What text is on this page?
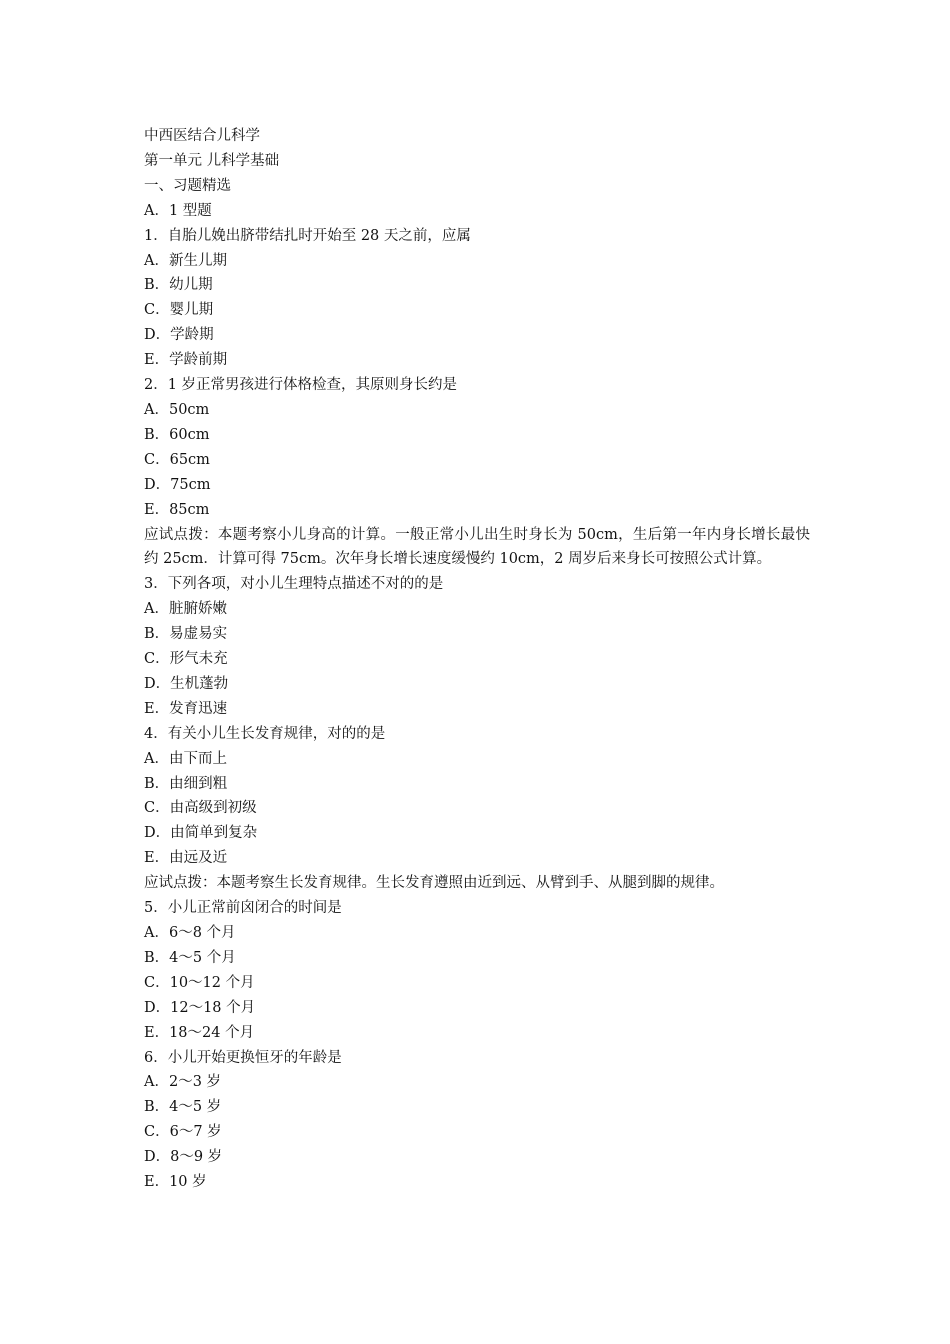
中西医结合儿科学
第一单元 儿科学基础
一、习题精选
A．1 型题
1．自胎儿娩出脐带结扎时开始至 28 天之前，应属
A．新生儿期
B．幼儿期
C．婴儿期
D．学龄期
E．学龄前期
2．1 岁正常男孩进行体格检查，其原则身长约是
A．50cm
B．60cm
C．65cm
D．75cm
E．85cm
应试点拨：本题考察小儿身高的计算。一般正常小儿出生时身长为 50cm，生后第一年内身长增长最快约 25cm．计算可得 75cm。次年身长增长速度缓慢约 10cm，2 周岁后来身长可按照公式计算。
3．下列各项，对小儿生理特点描述不对的的是
A．脏腑娇嫩
B．易虚易实
C．形气未充
D．生机蓬勃
E．发育迅速
4．有关小儿生长发育规律，对的的是
A．由下而上
B．由细到粗
C．由高级到初级
D．由简单到复杂
E．由远及近
应试点拨：本题考察生长发育规律。生长发育遵照由近到远、从臂到手、从腿到脚的规律。
5．小儿正常前囟闭合的时间是
A．6～8 个月
B．4～5 个月
C．10～12 个月
D．12～18 个月
E．18～24 个月
6．小儿开始更换恒牙的年龄是
A．2～3 岁
B．4～5 岁
C．6～7 岁
D．8～9 岁
E．10 岁
